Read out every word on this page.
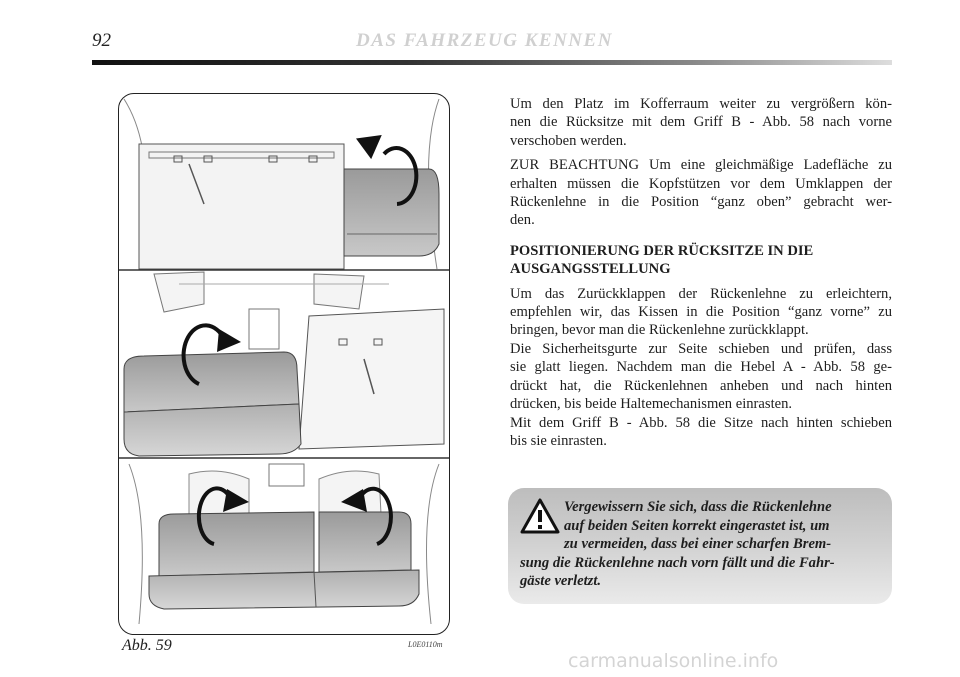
92	DAS FAHRZEUG KENNEN
Abb. 59	L0E0110m

Um den Platz im Kofferraum weiter zu vergrößern kön-
nen die Rücksitze mit dem Griff B - Abb. 58 nach vorne
verschoben werden.

ZUR BEACHTUNG Um eine gleichmäßige Ladefläche zu
erhalten müssen die Kopfstützen vor dem Umklappen der
Rückenlehne in die Position “ganz oben” gebracht wer-
den.

POSITIONIERUNG DER RÜCKSITZE IN DIE
AUSGANGSSTELLUNG

Um das Zurückklappen der Rückenlehne zu erleichtern,
empfehlen wir, das Kissen in die Position “ganz vorne” zu
bringen, bevor man die Rückenlehne zurückklappt.
Die Sicherheitsgurte zur Seite schieben und prüfen, dass
sie glatt liegen. Nachdem man die Hebel A - Abb. 58 ge-
drückt hat, die Rückenlehnen anheben und nach hinten
drücken, bis beide Haltemechanismen einrasten.
Mit dem Griff B - Abb. 58 die Sitze nach hinten schieben
bis sie einrasten.

Vergewissern Sie sich, dass die Rückenlehne
auf beiden Seiten korrekt eingerastet ist, um
zu vermeiden, dass bei einer scharfen Brem-
sung die Rückenlehne nach vorn fällt und die Fahr-
gäste verletzt.
carmanualsonline.info
